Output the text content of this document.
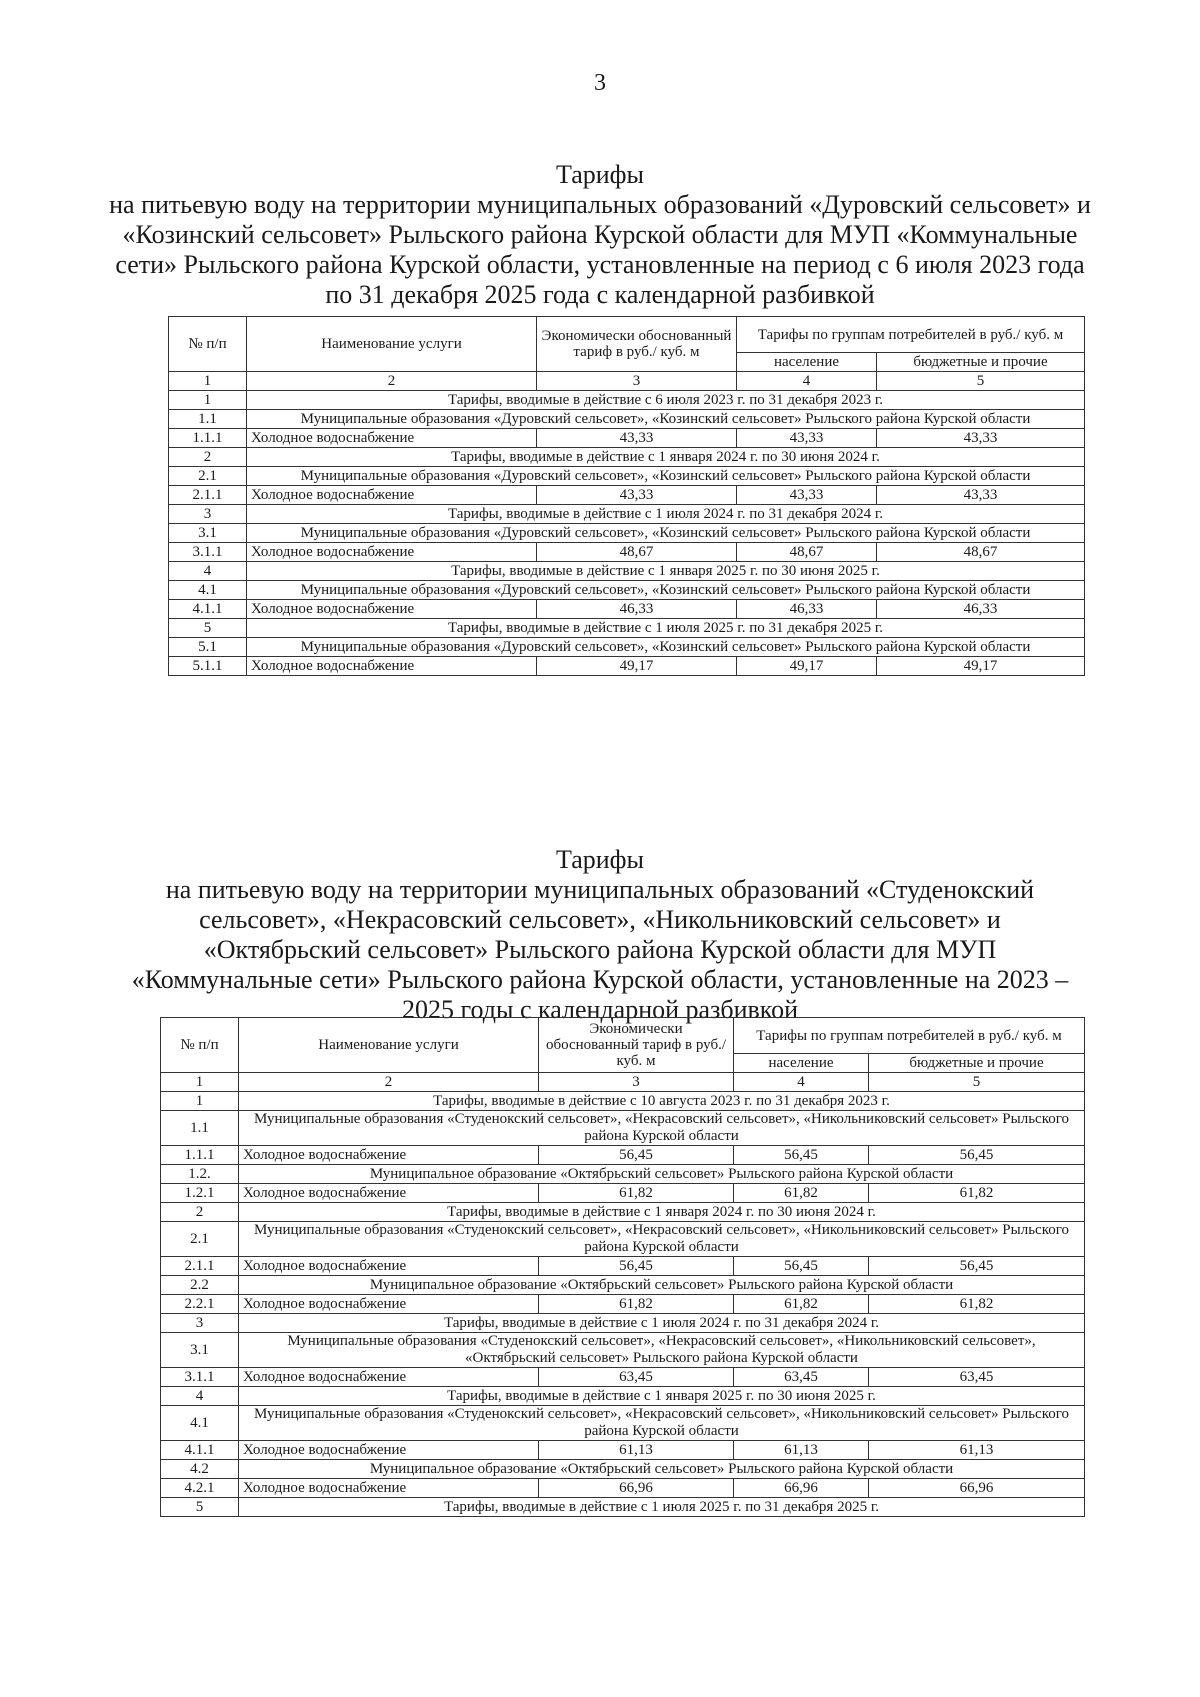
3
Тарифы
на питьевую воду на территории муниципальных образований «Дуровский сельсовет» и «Козинский сельсовет» Рыльского района Курской области для МУП «Коммунальные сети» Рыльского района Курской области, установленные на период с 6 июля 2023 года по 31 декабря 2025 года с календарной разбивкой
№ п/п	Наименование услуги	Экономически обоснованный тариф в руб./ куб. м	Тарифы по группам потребителей в руб./ куб. м	
			население	бюджетные и прочие
1	2	3	4	5
1	Тарифы, вводимые в действие с 6 июля 2023 г. по 31 декабря 2023 г.			
1.1	Муниципальные образования «Дуровский сельсовет», «Козинский сельсовет» Рыльского района Курской области			
1.1.1	Холодное водоснабжение	43,33	43,33	43,33
2	Тарифы, вводимые в действие с 1 января 2024 г. по 30 июня 2024 г.			
2.1	Муниципальные образования «Дуровский сельсовет», «Козинский сельсовет» Рыльского района Курской области			
2.1.1	Холодное водоснабжение	43,33	43,33	43,33
3	Тарифы, вводимые в действие с 1 июля 2024 г. по 31 декабря 2024 г.			
3.1	Муниципальные образования «Дуровский сельсовет», «Козинский сельсовет» Рыльского района Курской области			
3.1.1	Холодное водоснабжение	48,67	48,67	48,67
4	Тарифы, вводимые в действие с 1 января 2025 г. по 30 июня 2025 г.			
4.1	Муниципальные образования «Дуровский сельсовет», «Козинский сельсовет» Рыльского района Курской области			
4.1.1	Холодное водоснабжение	46,33	46,33	46,33
5	Тарифы, вводимые в действие с 1 июля 2025 г. по 31 декабря 2025 г.			
5.1	Муниципальные образования «Дуровский сельсовет», «Козинский сельсовет» Рыльского района Курской области			
5.1.1	Холодное водоснабжение	49,17	49,17	49,17
Тарифы
на питьевую воду на территории муниципальных образований «Студенокский сельсовет», «Некрасовский сельсовет», «Никольниковский сельсовет» и «Октябрьский сельсовет» Рыльского района Курской области для МУП «Коммунальные сети» Рыльского района Курской области, установленные на 2023 – 2025 годы с календарной разбивкой
№ п/п	Наименование услуги	Экономически обоснованный тариф в руб./ куб. м	Тарифы по группам потребителей в руб./ куб. м	
			население	бюджетные и прочие
1	2	3	4	5
1	Тарифы, вводимые в действие с 10 августа 2023 г. по 31 декабря 2023 г.			
1.1	Муниципальные образования «Студенокский сельсовет», «Некрасовский сельсовет», «Никольниковский сельсовет» Рыльского района Курской области			
1.1.1	Холодное водоснабжение	56,45	56,45	56,45
1.2.	Муниципальное образование «Октябрьский сельсовет» Рыльского района Курской области			
1.2.1	Холодное водоснабжение	61,82	61,82	61,82
2	Тарифы, вводимые в действие с 1 января 2024 г. по 30 июня 2024 г.			
2.1	Муниципальные образования «Студенокский сельсовет», «Некрасовский сельсовет», «Никольниковский сельсовет» Рыльского района Курской области			
2.1.1	Холодное водоснабжение	56,45	56,45	56,45
2.2	Муниципальное образование «Октябрьский сельсовет» Рыльского района Курской области			
2.2.1	Холодное водоснабжение	61,82	61,82	61,82
3	Тарифы, вводимые в действие с 1 июля 2024 г. по 31 декабря 2024 г.			
3.1	Муниципальные образования «Студенокский сельсовет», «Некрасовский сельсовет», «Никольниковский сельсовет», «Октябрьский сельсовет» Рыльского района Курской области			
3.1.1	Холодное водоснабжение	63,45	63,45	63,45
4	Тарифы, вводимые в действие с 1 января 2025 г. по 30 июня 2025 г.			
4.1	Муниципальные образования «Студенокский сельсовет», «Некрасовский сельсовет», «Никольниковский сельсовет» Рыльского района Курской области			
4.1.1	Холодное водоснабжение	61,13	61,13	61,13
4.2	Муниципальное образование «Октябрьский сельсовет» Рыльского района Курской области			
4.2.1	Холодное водоснабжение	66,96	66,96	66,96
5	Тарифы, вводимые в действие с 1 июля 2025 г. по 31 декабря 2025 г.			
